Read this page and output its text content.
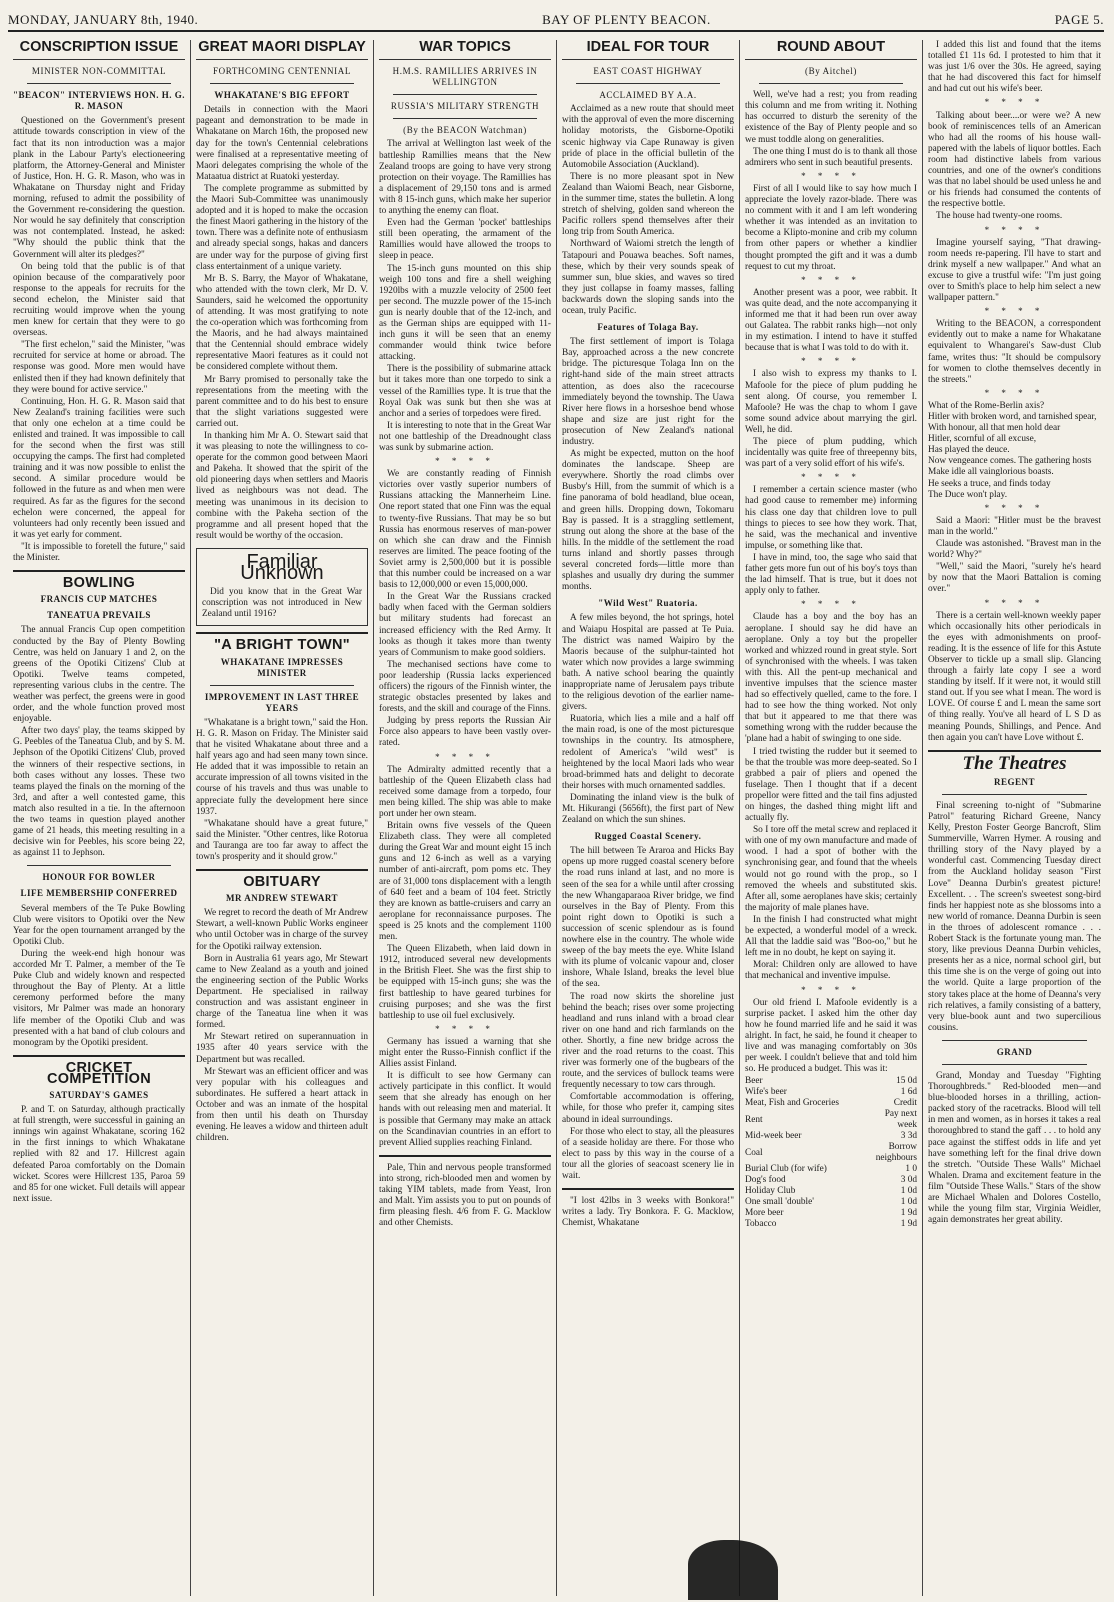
MONDAY, JANUARY 8th, 1940.	BAY OF PLENTY BEACON.	PAGE 5.
CONSCRIPTION ISSUE
MINISTER NON-COMMITTAL
"BEACON" INTERVIEWS HON. H. G. R. MASON

Questioned on the Government's present attitude towards conscription in view of the fact that its non introduction was a major plank in the Labour Party's electioneering platform, the Attorney-General and Minister of Justice, Hon. H. G. R. Mason, who was in Whakatane on Thursday night and Friday morning, refused to admit the possibility of the Government re-considering the question. Nor would he say definitely that conscription was not contemplated. Instead, he asked: "Why should the public think that the Government will alter its pledges?"

On being told that the public is of that opinion because of the comparatively poor response to the appeals for recruits for the second echelon, the Minister said that recruiting would improve when the young men knew for certain that they were to go overseas.

"The first echelon," said the Minister, "was recruited for service at home or abroad. The response was good. More men would have enlisted then if they had known definitely that they were bound for active service."

Continuing, Hon. H. G. R. Mason said that New Zealand's training facilities were such that only one echelon at a time could be enlisted and trained. It was impossible to call for the second when the first was still occupying the camps. The first had completed training and it was now possible to enlist the second. A similar procedure would be followed in the future as and when men were required. As far as the figures for the second echelon were concerned, the appeal for volunteers had only recently been issued and it was yet early for comment.

"It is impossible to foretell the future," said the Minister.

BOWLING
FRANCIS CUP MATCHES
TANEATUA PREVAILS

The annual Francis Cup open competition conducted by the Bay of Plenty Bowling Centre, was held on January 1 and 2, on the greens of the Opotiki Citizens' Club at Opotiki. Twelve teams competed, representing various clubs in the centre. The weather was perfect, the greens were in good order, and the whole function proved most enjoyable.

After two days' play, the teams skipped by G. Peebles of the Taneatua Club, and by S. M. Jephson of the Opotiki Citizens' Club, proved the winners of their respective sections, in both cases without any losses. These two teams played the finals on the morning of the 3rd, and after a well contested game, this match also resulted in a tie. In the afternoon the two teams in question played another game of 21 heads, this meeting resulting in a decisive win for Peebles, his score being 22, as against 11 to Jephson.

HONOUR FOR BOWLER
LIFE MEMBERSHIP CONFERRED

Several members of the Te Puke Bowling Club were visitors to Opotiki over the New Year for the open tournament arranged by the Opotiki Club.

During the week-end high honour was accorded Mr T. Palmer, a member of the Te Puke Club and widely known and respected throughout the Bay of Plenty. At a little ceremony performed before the many visitors, Mr Palmer was made an honorary life member of the Opotiki Club and was presented with a hat band of club colours and monogram by the Opotiki president.

CRICKET COMPETITION
SATURDAY'S GAMES

P. and T. on Saturday, although practically at full strength, were successful in gaining an innings win against Whakatane, scoring 162 in the first innings to which Whakatane replied with 82 and 17. Hillcrest again defeated Paroa comfortably on the Domain wicket. Scores were Hillcrest 135, Paroa 59 and 85 for one wicket. Full details will appear next issue.

GREAT MAORI DISPLAY
FORTHCOMING CENTENNIAL
WHAKATANE'S BIG EFFORT

Details in connection with the Maori pageant and demonstration to be made in Whakatane on March 16th, the proposed new day for the town's Centennial celebrations were finalised at a representative meeting of Maori delegates comprising the whole of the Mataatua district at Ruatoki yesterday.

The complete programme as submitted by the Maori Sub-Committee was unanimously adopted and it is hoped to make the occasion the finest Maori gathering in the history of the town. There was a definite note of enthusiasm and already special songs, hakas and dancers are under way for the purpose of giving first class entertainment of a unique variety.

Mr B. S. Barry, the Mayor of Whakatane, who attended with the town clerk, Mr D. V. Saunders, said he welcomed the opportunity of attending. It was most gratifying to note the co-operation which was forthcoming from the Maoris, and he had always maintained that the Centennial should embrace widely representative Maori features as it could not be considered complete without them.

Mr Barry promised to personally take the representations from the meeting with the parent committee and to do his best to ensure that the slight variations suggested were carried out.

In thanking him Mr A. O. Stewart said that it was pleasing to note the willingness to co-operate for the common good between Maori and Pakeha. It showed that the spirit of the old pioneering days when settlers and Maoris lived as neighbours was not dead. The meeting was unanimous in its decision to combine with the Pakeha section of the programme and all present hoped that the result would be worthy of the occasion.

Familiar Unknown

Did you know that in the Great War conscription was not introduced in New Zealand until 1916?

"A BRIGHT TOWN"
WHAKATANE IMPRESSES MINISTER
IMPROVEMENT IN LAST THREE YEARS

"Whakatane is a bright town," said the Hon. H. G. R. Mason on Friday. The Minister said that he visited Whakatane about three and a half years ago and had seen many town since. He added that it was impossible to retain an accurate impression of all towns visited in the course of his travels and thus was unable to appreciate fully the development here since 1937.

"Whakatane should have a great future," said the Minister. "Other centres, like Rotorua and Tauranga are too far away to affect the town's prosperity and it should grow."

OBITUARY
MR ANDREW STEWART

We regret to record the death of Mr Andrew Stewart, a well-known Public Works engineer who until October was in charge of the survey for the Opotiki railway extension.

Born in Australia 61 years ago, Mr Stewart came to New Zealand as a youth and joined the engineering section of the Public Works Department. He specialised in railway construction and was assistant engineer in charge of the Taneatua line when it was formed.

Mr Stewart retired on superannuation in 1935 after 40 years service with the Department but was recalled.

Mr Stewart was an efficient officer and was very popular with his colleagues and subordinates. He suffered a heart attack in October and was an inmate of the hospital from then until his death on Thursday evening. He leaves a widow and thirteen adult children.

WAR TOPICS
H.M.S. RAMILLIES ARRIVES IN WELLINGTON
RUSSIA'S MILITARY STRENGTH
(By the BEACON Watchman)

The arrival at Wellington last week of the battleship Ramillies means that the New Zealand troops are going to have very strong protection on their voyage. The Ramillies has a displacement of 29,150 tons and is armed with 8 15-inch guns, which make her superior to anything the enemy can float.

Even had the German 'pocket' battleships still been operating, the armament of the Ramillies would have allowed the troops to sleep in peace.

The 15-inch guns mounted on this ship weigh 100 tons and fire a shell weighing 1920lbs with a muzzle velocity of 2500 feet per second. The muzzle power of the 15-inch gun is nearly double that of the 12-inch, and as the German ships are equipped with 11-inch guns it will be seen that an enemy commander would think twice before attacking.

There is the possibility of submarine attack but it takes more than one torpedo to sink a vessel of the Ramillies type. It is true that the Royal Oak was sunk but then she was at anchor and a series of torpedoes were fired.

It is interesting to note that in the Great War not one battleship of the Dreadnought class was sunk by submarine action.

* * * *

We are constantly reading of Finnish victories over vastly superior numbers of Russians attacking the Mannerheim Line. One report stated that one Finn was the equal to twenty-five Russians. That may be so but Russia has enormous reserves of man-power on which she can draw and the Finnish reserves are limited. The peace footing of the Soviet army is 2,500,000 but it is possible that this number could be increased on a war basis to 12,000,000 or even 15,000,000.

In the Great War the Russians cracked badly when faced with the German soldiers but military students had forecast an increased efficiency with the Red Army. It looks as though it takes more than twenty years of Communism to make good soldiers.

The mechanised sections have come to poor leadership (Russia lacks experienced officers) the rigours of the Finnish winter, the strategic obstacles presented by lakes and forests, and the skill and courage of the Finns.

Judging by press reports the Russian Air Force also appears to have been vastly over-rated.

* * * *

The Admiralty admitted recently that a battleship of the Queen Elizabeth class had received some damage from a torpedo, four men being killed. The ship was able to make port under her own steam.

Britain owns five vessels of the Queen Elizabeth class. They were all completed during the Great War and mount eight 15 inch guns and 12 6-inch as well as a varying number of anti-aircraft, pom poms etc. They are of 31,000 tons displacement with a length of 640 feet and a beam of 104 feet. Strictly they are known as battle-cruisers and carry an aeroplane for reconnaissance purposes. The speed is 25 knots and the complement 1100 men.

The Queen Elizabeth, when laid down in 1912, introduced several new developments in the British Fleet. She was the first ship to be equipped with 15-inch guns; she was the first battleship to have geared turbines for cruising purposes; and she was the first battleship to use oil fuel exclusively.

* * * *

Germany has issued a warning that she might enter the Russo-Finnish conflict if the Allies assist Finland.

It is difficult to see how Germany can actively participate in this conflict. It would seem that she already has enough on her hands with out releasing men and material. It is possible that Germany may make an attack on the Scandinavian countries in an effort to prevent Allied supplies reaching Finland.

Pale, Thin and nervous people transformed into strong, rich-blooded men and women by taking YIM tablets, made from Yeast, Iron and Malt. Yim assists you to put on pounds of firm pleasing flesh. 4/6 from F. G. Macklow and other Chemists.

IDEAL FOR TOUR
EAST COAST HIGHWAY
ACCLAIMED BY A.A.

Acclaimed as a new route that should meet with the approval of even the more discerning holiday motorists, the Gisborne-Opotiki scenic highway via Cape Runaway is given pride of place in the official bulletin of the Automobile Association (Auckland).

There is no more pleasant spot in New Zealand than Waiomi Beach, near Gisborne, in the summer time, states the bulletin. A long stretch of shelving, golden sand whereon the Pacific rollers spend themselves after their long trip from South America.

Northward of Waiomi stretch the length of Tatapouri and Pouawa beaches. Soft names, these, which by their very sounds speak of summer sun, blue skies, and waves so tired they just collapse in foamy masses, falling backwards down the sloping sands into the ocean, truly Pacific.

Features of Tolaga Bay.

The first settlement of import is Tolaga Bay, approached across a the new concrete bridge. The picturesque Tolaga Inn on the right-hand side of the main street attracts attention, as does also the racecourse immediately beyond the township. The Uawa River here flows in a horseshoe bend whose shape and size are just right for the prosecution of New Zealand's national industry.

As might be expected, mutton on the hoof dominates the landscape. Sheep are everywhere. Shortly the road climbs over Busby's Hill, from the summit of which is a fine panorama of bold headland, blue ocean, and green hills. Dropping down, Tokomaru Bay is passed. It is a straggling settlement, strung out along the shore at the base of the hills. In the middle of the settlement the road turns inland and shortly passes through several concreted fords—little more than splashes and usually dry during the summer months.

"Wild West" Ruatoria.

A few miles beyond, the hot springs, hotel and Waiapu Hospital are passed at Te Puia. The district was named Waipiro by the Maoris because of the sulphur-tainted hot water which now provides a large swimming bath. A native school bearing the quaintly inappropriate name of Jerusalem pays tribute to the religious devotion of the earlier name-givers.

Ruatoria, which lies a mile and a half off the main road, is one of the most picturesque townships in the country. Its atmosphere, redolent of America's "wild west" is heightened by the local Maori lads who wear broad-brimmed hats and delight to decorate their horses with much ornamented saddles.

Dominating the inland view is the bulk of Mt. Hikurangi (5656ft), the first part of New Zealand on which the sun shines.

Rugged Coastal Scenery.

The hill between Te Araroa and Hicks Bay opens up more rugged coastal scenery before the road runs inland at last, and no more is seen of the sea for a while until after crossing the new Whangaparaoa River bridge, we find ourselves in the Bay of Plenty. From this point right down to Opotiki is such a succession of scenic splendour as is found nowhere else in the country. The whole wide sweep of the bay meets the eye. White Island with its plume of volcanic vapour and, closer inshore, Whale Island, breaks the level blue of the sea.

The road now skirts the shoreline just behind the beach; rises over some projecting headland and runs inland with a broad clear river on one hand and rich farmlands on the other. Shortly, a fine new bridge across the river and the road returns to the coast. This river was formerly one of the bugbears of the route, and the services of bullock teams were frequently necessary to tow cars through.

Comfortable accommodation is offering, while, for those who prefer it, camping sites abound in ideal surroundings.

For those who elect to stay, all the pleasures of a seaside holiday are there. For those who elect to pass by this way in the course of a tour all the glories of seacoast scenery lie in wait.

"I lost 42lbs in 3 weeks with Bonkora!" writes a lady. Try Bonkora. F. G. Macklow, Chemist, Whakatane

ROUND ABOUT
(By Aitchel)

Well, we've had a rest; you from reading this column and me from writing it. Nothing has occurred to disturb the serenity of the existence of the Bay of Plenty people and so we must toddle along on generalities.

The one thing I must do is to thank all those admirers who sent in such beautiful presents.

* * * *

First of all I would like to say how much I appreciate the lovely razor-blade. There was no comment with it and I am left wondering whether it was intended as an invitation to become a Klipto-monine and crib my column from other papers or whether a kindlier thought prompted the gift and it was a dumb request to cut my throat.

* * * *

Another present was a poor, wee rabbit. It was quite dead, and the note accompanying it informed me that it had been run over away out Galatea. The rabbit ranks high—not only in my estimation. I intend to have it stuffed because that is what I was told to do with it.

* * * *

I also wish to express my thanks to I. Mafoole for the piece of plum pudding he sent along. Of course, you remember I. Mafoole? He was the chap to whom I gave some sound advice about marrying the girl. Well, he did.

The piece of plum pudding, which incidentally was quite free of threepenny bits, was part of a very solid effort of his wife's.

* * * *

I remember a certain science master (who had good cause to remember me) informing his class one day that children love to pull things to pieces to see how they work. That, he said, was the mechanical and inventive impulse, or something like that.

I have in mind, too, the sage who said that father gets more fun out of his boy's toys than the lad himself. That is true, but it does not apply only to father.

* * * *

Claude has a boy and the boy has an aeroplane. I should say he did have an aeroplane. Only a toy but the propeller worked and whizzed round in great style. Sort of synchronised with the wheels. I was taken with this. All the pent-up mechanical and inventive impulses that the science master had so effectively quelled, came to the fore. I had to see how the thing worked. Not only that but it appeared to me that there was something wrong with the rudder because the 'plane had a habit of swinging to one side.

I tried twisting the rudder but it seemed to be that the trouble was more deep-seated. So I grabbed a pair of pliers and opened the fuselage. Then I thought that if a decent propellor were fitted and the tail fins adjusted on hinges, the dashed thing might lift and actually fly.

So I tore off the metal screw and replaced it with one of my own manufacture and made of wood. I had a spot of bother with the synchronising gear, and found that the wheels would not go round with the prop., so I removed the wheels and substituted skis. After all, some aeroplanes have skis; certainly the majority of male planes have.

In the finish I had constructed what might be expected, a wonderful model of a wreck. All that the laddie said was "Boo-oo," but he left me in no doubt, he kept on saying it.

Moral: Children only are allowed to have that mechanical and inventive impulse.

* * * *

Our old friend I. Mafoole evidently is a surprise packet. I asked him the other day how he found married life and he said it was alright. In fact, he said, he found it cheaper to live and was managing comfortably on 30s per week. I couldn't believe that and told him so. He produced a budget. This was it:

Beer	15 0d
Wife's beer	1 6d
Meat, Fish and Groceries	Credit
Rent	Pay next week
Mid-week beer	3 3d
Coal	Borrow neighbours
Burial Club (for wife)	1 0
Dog's food	3 0d
Holiday Club	1 0d
One small 'double'	1 0d
More beer	1 9d
Tobacco	1 9d

I added this list and found that the items totalled £1 11s 6d. I protested to him that it was just 1/6 over the 30s. He agreed, saying that he had discovered this fact for himself and had cut out his wife's beer.

* * * *

Talking about beer....or were we? A new book of reminiscences tells of an American who had all the rooms of his house wall-papered with the labels of liquor bottles. Each room had distinctive labels from various countries, and one of the owner's conditions was that no label should be used unless he and or his friends had consumed the contents of the respective bottle.

The house had twenty-one rooms.

* * * *

Imagine yourself saying, "That drawing-room needs re-papering. I'll have to start and drink myself a new wallpaper." And what an excuse to give a trustful wife: "I'm just going over to Smith's place to help him select a new wallpaper pattern."

* * * *

Writing to the BEACON, a correspondent evidently out to make a name for Whakatane equivalent to Whangarei's Saw-dust Club fame, writes thus: "It should be compulsory for women to clothe themselves decently in the streets."

* * * *
What of the Rome-Berlin axis?
Hitler with broken word, and tarnished spear,
With honour, all that men hold dear
Hitler, scornful of all excuse,
Has played the deuce.
Now vengeance comes. The gathering hosts
Make idle all vainglorious boasts.
He seeks a truce, and finds today
The Duce won't play.
* * * *

Said a Maori: "Hitler must be the bravest man in the world."

Claude was astonished. "Bravest man in the world? Why?"

"Well," said the Maori, "surely he's heard by now that the Maori Battalion is coming over."

* * * *

There is a certain well-known weekly paper which occasionally hits other periodicals in the eyes with admonishments on proof-reading. It is the essence of life for this Astute Observer to tickle up a small slip. Glancing through a fairly late copy I see a word standing by itself. If it were not, it would still stand out. If you see what I mean. The word is LOVE. Of course £ and L mean the same sort of thing really. You've all heard of L S D as meaning Pounds, Shillings, and Pence. And then again you can't have Love without £.

The Theatres
REGENT

Final screening to-night of "Submarine Patrol" featuring Richard Greene, Nancy Kelly, Preston Foster George Bancroft, Slim Summerville, Warren Hymer. A rousing and thrilling story of the Navy played by a wonderful cast. Commencing Tuesday direct from the Auckland holiday season "First Love" Deanna Durbin's greatest picture! Excellent. . . The screen's sweetest song-bird finds her happiest note as she blossoms into a new world of romance. Deanna Durbin is seen in the throes of adolescent romance . . . Robert Stack is the fortunate young man. The story, like previous Deanna Durbin vehicles, presents her as a nice, normal school girl, but this time she is on the verge of going out into the world. Quite a large proportion of the story takes place at the home of Deanna's very rich relatives, a family consisting of a battery, very blue-book aunt and two supercilious cousins.

GRAND

Grand, Monday and Tuesday "Fighting Thoroughbreds." Red-blooded men—and blue-blooded horses in a thrilling, action-packed story of the racetracks. Blood will tell in men and women, as in horses it takes a real thoroughbred to stand the gaff . . . to hold any pace against the stiffest odds in life and yet have something left for the final drive down the stretch. "Outside These Walls" Michael Whalen. Drama and excitement feature in the film "Outside These Walls." Stars of the show are Michael Whalen and Dolores Costello, while the young film star, Virginia Weidler, again demonstrates her great ability.
